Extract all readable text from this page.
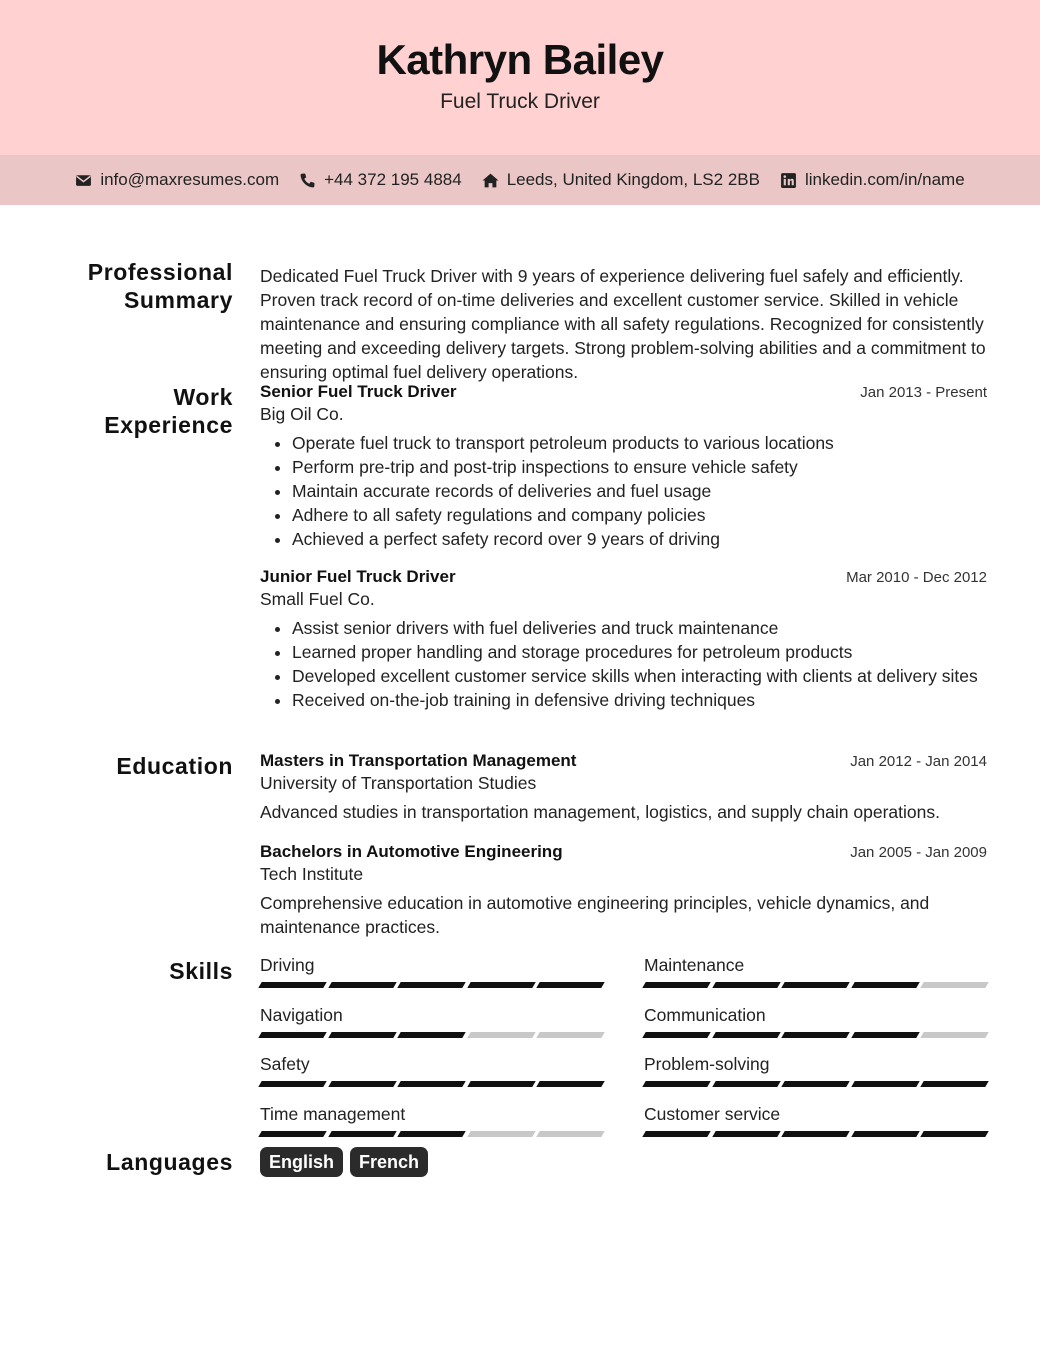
Kathryn Bailey
Fuel Truck Driver
info@maxresumes.com	+44 372 195 4884	Leeds, United Kingdom, LS2 2BB	linkedin.com/in/name
Professional
Summary

Dedicated Fuel Truck Driver with 9 years of experience delivering fuel safely and efficiently. Proven track record of on-time deliveries and excellent customer service. Skilled in vehicle maintenance and ensuring compliance with all safety regulations. Recognized for consistently meeting and exceeding delivery targets. Strong problem-solving abilities and a commitment to ensuring optimal fuel delivery operations.

Work
Experience
Senior Fuel Truck Driver	Jan 2013 - Present
Big Oil Co.
• Operate fuel truck to transport petroleum products to various locations
• Perform pre-trip and post-trip inspections to ensure vehicle safety
• Maintain accurate records of deliveries and fuel usage
• Adhere to all safety regulations and company policies
• Achieved a perfect safety record over 9 years of driving
Junior Fuel Truck Driver	Mar 2010 - Dec 2012
Small Fuel Co.
• Assist senior drivers with fuel deliveries and truck maintenance
• Learned proper handling and storage procedures for petroleum products
• Developed excellent customer service skills when interacting with clients at delivery sites
• Received on-the-job training in defensive driving techniques
Education Masters in Transportation Management	Jan 2012 - Jan 2014
University of Transportation Studies

Advanced studies in transportation management, logistics, and supply chain operations.

Bachelors in Automotive Engineering	Jan 2005 - Jan 2009
Tech Institute

Comprehensive education in automotive engineering principles, vehicle dynamics, and maintenance practices.

Skills Driving	Maintenance
Navigation	Communication
Safety	Problem-solving
Time management	Customer service
Languages	English	French
